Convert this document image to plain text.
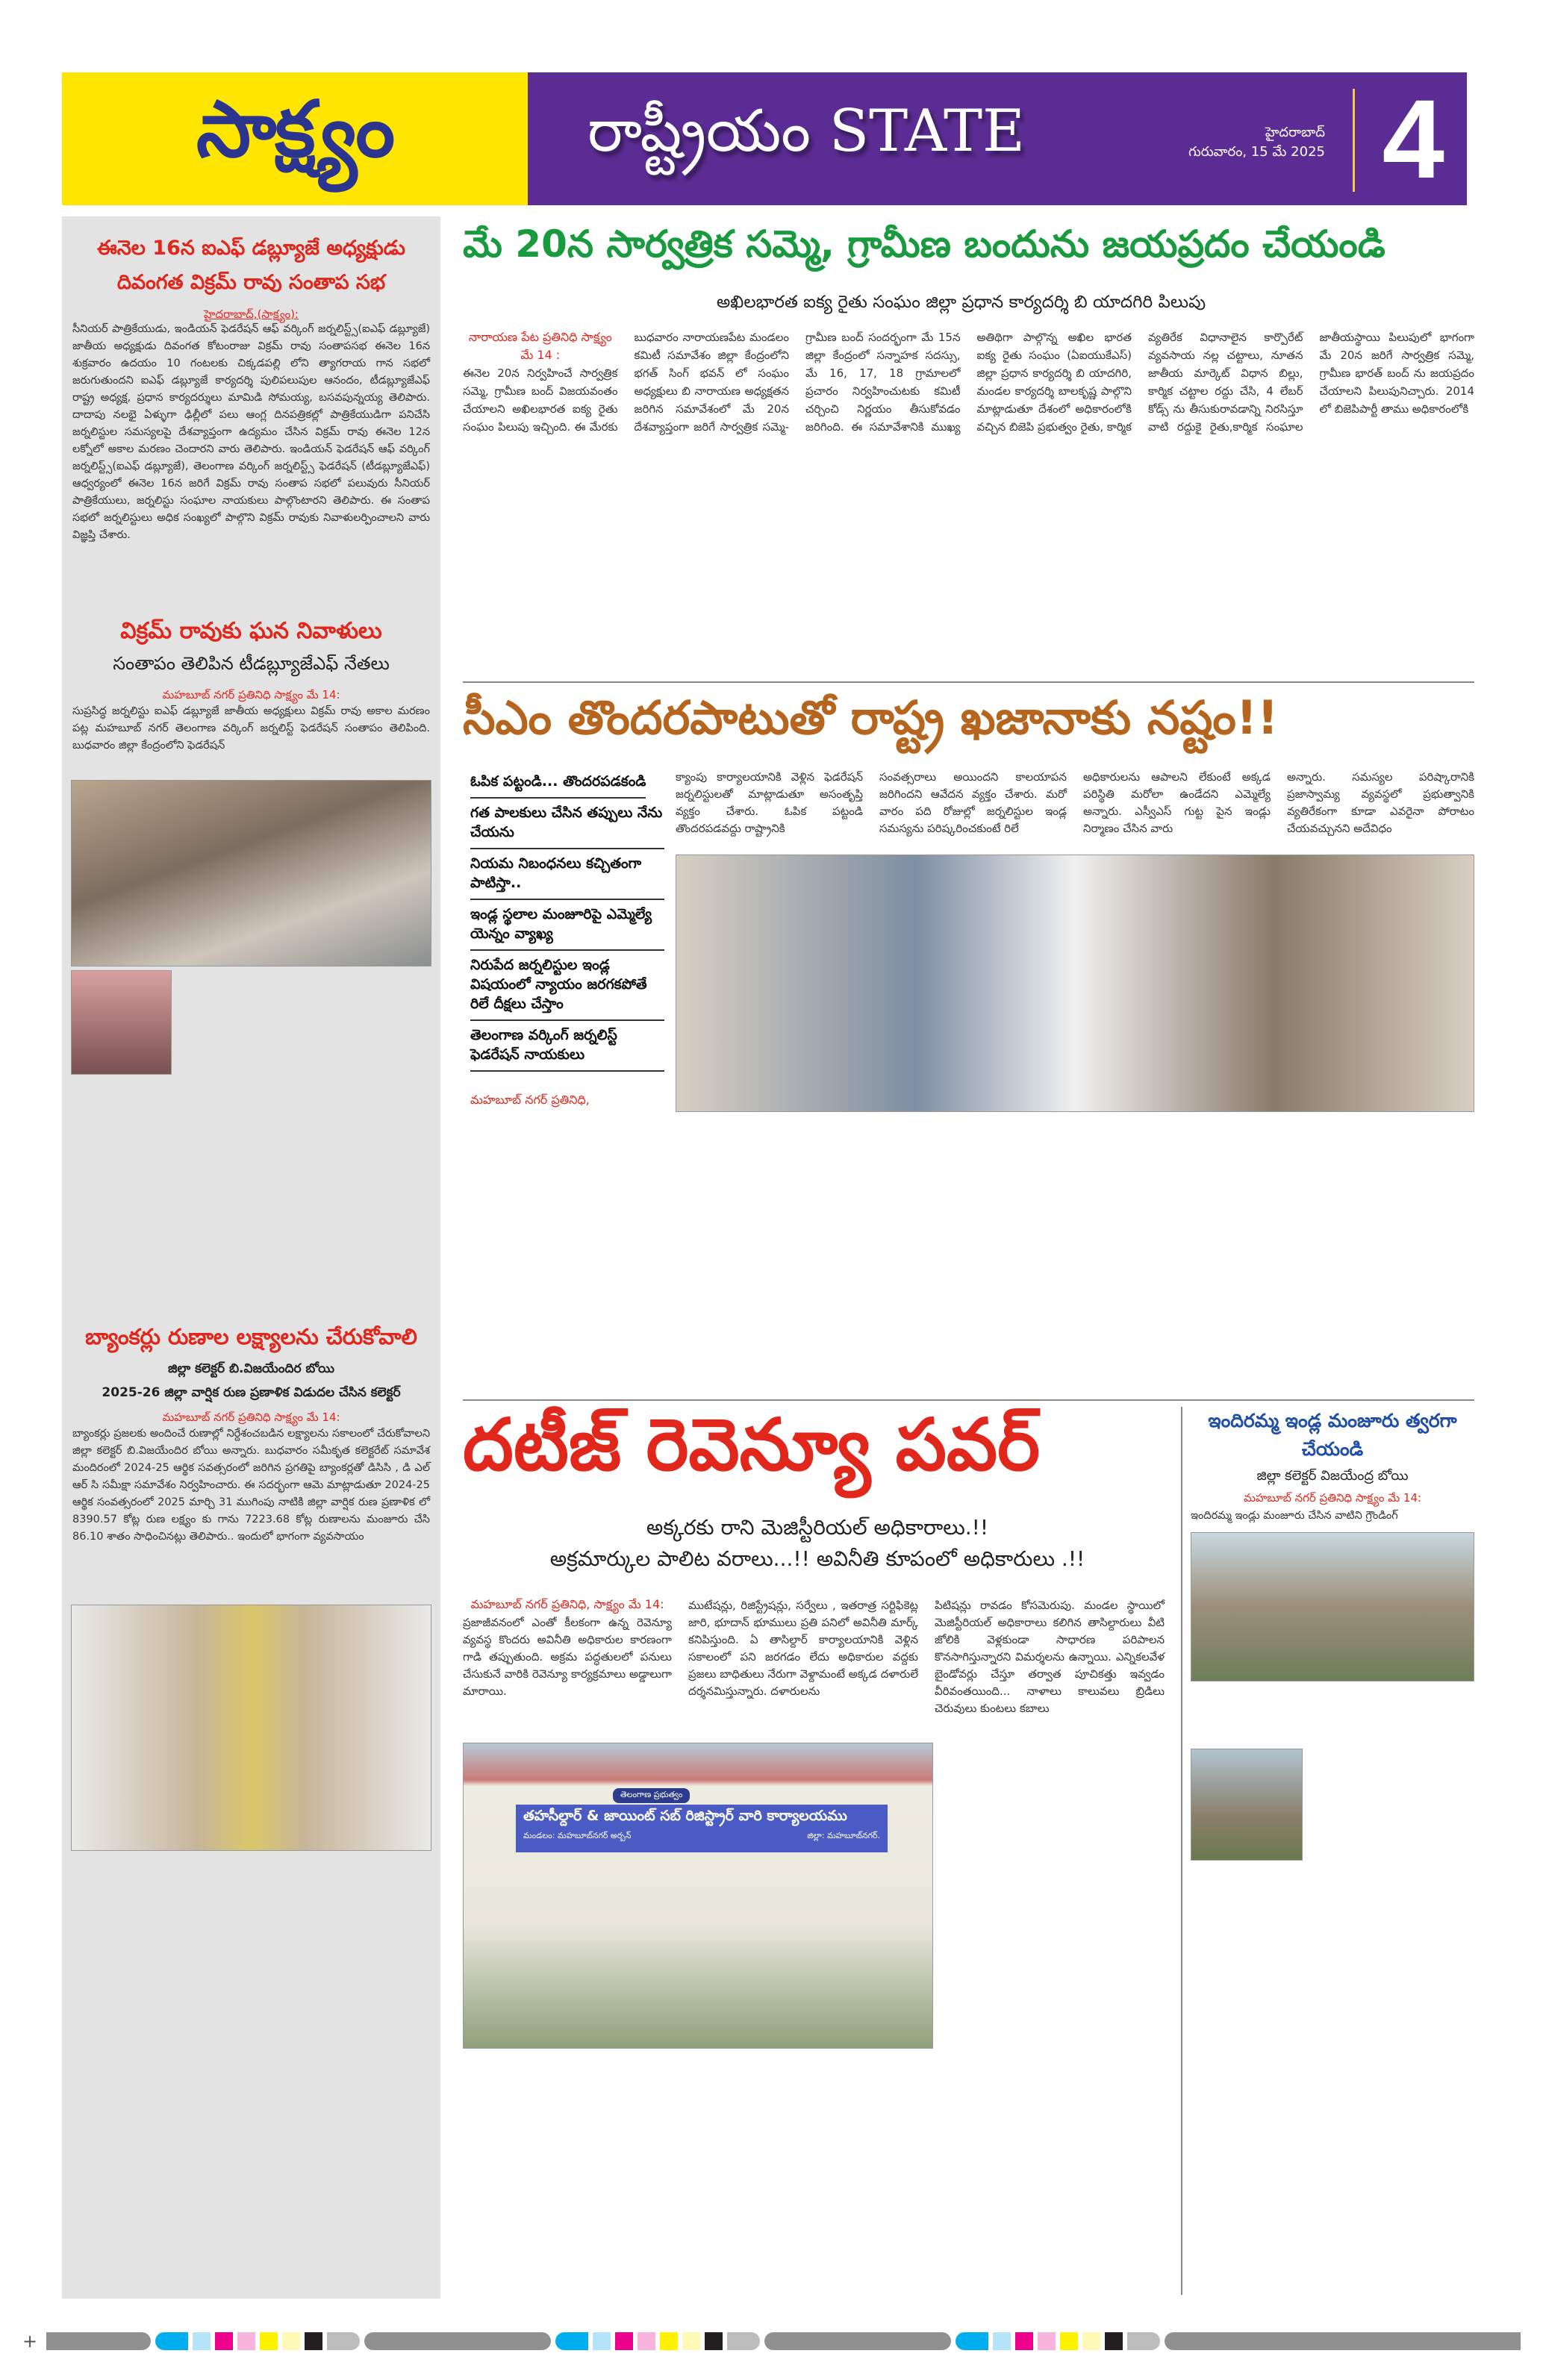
సాక్ష్యం	రాష్ట్రీయం STATE	హైదరాబాద్
గురువారం, 15 మే 2025 4
ఈనెల 16న ఐఎఫ్ డబ్ల్యూజే అధ్యక్షుడు దివంగత విక్రమ్ రావు సంతాప సభ
హైదరాబాద్,(సాక్ష్యం):
సీనియర్ పాత్రికేయుడు, ఇండియన్ ఫెడరేషన్ ఆఫ్ వర్కింగ్ జర్నలిస్ట్స్(ఐఎఫ్ డబ్ల్యూజే) జాతీయ అధ్యక్షుడు దివంగత కోటంరాజు విక్రమ్ రావు సంతాపసభ ఈనెల 16న శుక్రవారం ఉదయం 10 గంటలకు చిక్కడపల్లి లోని త్యాగరాయ గాన సభలో జరుగుతుందని ఐఎఫ్ డబ్ల్యూజే కార్యదర్శి పులిపలుపుల ఆనందం, టీడబ్ల్యూజేఎఫ్ రాష్ట్ర అధ్యక్ష, ప్రధాన కార్యదర్శులు మామిడి సోమయ్య, బసవపున్నయ్య తెలిపారు. దాదాపు నలభై ఏళ్ళుగా ఢిల్లీలో పలు ఆంగ్ల దినపత్రికల్లో పాత్రికేయుడిగా పనిచేసి జర్నలిస్టుల సమస్యలపై దేశవ్యాప్తంగా ఉద్యమం చేసిన విక్రమ్ రావు ఈనెల 12న లక్నోలో అకాల మరణం చెందారని వారు తెలిపారు. ఇండియన్ ఫెడరేషన్ ఆఫ్ వర్కింగ్ జర్నలిస్ట్స్(ఐఎఫ్ డబ్ల్యూజే), తెలంగాణ వర్కింగ్ జర్నలిస్ట్స్ ఫెడరేషన్ (టీడబ్ల్యూజేఎఫ్) ఆధ్వర్యంలో ఈనెల 16న జరిగే విక్రమ్ రావు సంతాప సభలో పలువురు సీనియర్ పాత్రికేయులు, జర్నలిస్టు సంఘాల నాయకులు పాల్గొంటారని తెలిపారు. ఈ సంతాప సభలో జర్నలిస్టులు అధిక సంఖ్యలో పాల్గొని విక్రమ్ రావుకు నివాళులర్పించాలని వారు విజ్ఞప్తి చేశారు.
విక్రమ్ రావుకు ఘన నివాళులు
సంతాపం తెలిపిన టీడబ్ల్యూజేఎఫ్ నేతలు
మహబూబ్ నగర్ ప్రతినిధి సాక్ష్యం మే 14:
సుప్రసిద్ధ జర్నలిస్టు ఐఎఫ్ డబ్ల్యూజే జాతీయ అధ్యక్షులు విక్రమ్ రావు అకాల మరణం పట్ల మహబూబ్ నగర్ తెలంగాణ వర్కింగ్ జర్నలిస్ట్ ఫెడరేషన్ సంతాపం తెలిపింది. బుధవారం జిల్లా కేంద్రంలోని ఫెడరేషన్
బ్యాంకర్లు రుణాల లక్ష్యాలను చేరుకోవాలి
జిల్లా కలెక్టర్ బి.విజయేందిర బోయి
2025-26 జిల్లా వార్షిక రుణ ప్రణాళిక విడుదల చేసిన కలెక్టర్
మహబూబ్ నగర్ ప్రతినిధి సాక్ష్యం మే 14:
బ్యాంకర్లు ప్రజలకు అందించే రుణాల్లో నిర్దేశంచబడిన లక్ష్యాలను సకాలంలో చేరుకోవాలని జిల్లా కలెక్టర్ బి.విజయేందిర బోయి అన్నారు. బుధవారం సమీకృత కలెక్టరేట్ సమావేశ మందిరంలో 2024-25 ఆర్థిక సవత్సరంలో జరిగిన ప్రగతిపై బ్యాంకర్లతో డిసిసి , డి ఎల్ ఆర్ సి సమీక్షా సమావేశం నిర్వహించారు. ఈ సదర్భంగా ఆమె మాట్లాడుతూ 2024-25 ఆర్థిక సంవత్సరంలో 2025 మార్చి 31 ముగింపు నాటికి జిల్లా వార్షిక రుణ ప్రణాళిక లో 8390.57 కోట్ల రుణ లక్ష్యం కు గాను 7223.68 కోట్ల రుణాలను మంజూరు చేసి 86.10 శాతం సాధించినట్లు తెలిపారు.. ఇందులో భాగంగా వ్యవసాయం
మే 20న సార్వత్రిక సమ్మె, గ్రామీణ బందును జయప్రదం చేయండి
అఖిలభారత ఐక్య రైతు సంఘం జిల్లా ప్రధాన కార్యదర్శి బి యాదగిరి పిలుపు
నారాయణ పేట ప్రతినిధి సాక్ష్యం మే 14 :
ఈనెల 20న నిర్వహించే సార్వత్రిక సమ్మె, గ్రామీణ బంద్ విజయవంతం చేయాలని అఖిలభారత ఐక్య రైతు సంఘం పిలుపు ఇచ్చింది. ఈ మేరకు బుధవారం నారాయణపేట మండలం కమిటీ సమావేశం జిల్లా కేంద్రంలోని భగత్ సింగ్ భవన్ లో సంఘం అధ్యక్షులు బి నారాయణ అధ్యక్షతన జరిగిన సమావేశంలో మే 20న దేశవ్యాప్తంగా జరిగే సార్వత్రిక సమ్మె- గ్రామీణ బంద్ సందర్భంగా మే 15న జిల్లా కేంద్రంలో సన్నాహక సదస్సు, మే 16, 17, 18 గ్రామాలలో ప్రచారం నిర్వహించుటకు కమిటీ చర్చించి నిర్ణయం తీసుకోవడం జరిగింది. ఈ సమావేశానికి ముఖ్య అతిథిగా పాల్గొన్న అఖిల భారత ఐక్య రైతు సంఘం (ఏఐయుకేఎస్) జిల్లా ప్రధాన కార్యదర్శి బి యాదగిరి, మండల కార్యదర్శి బాలకృష్ణ పాల్గొని మాట్లాడుతూ దేశంలో అధికారంలోకి వచ్చిన బిజెపి ప్రభుత్వం రైతు, కార్మిక వ్యతిరేక విధానాలైన కార్పొరేట్ వ్యవసాయ నల్ల చట్టాలు, నూతన జాతీయ మార్కెట్ విధాన బిల్లు, కార్మిక చట్టాల రద్దు చేసి, 4 లేబర్ కోడ్స్ ను తీసుకురావడాన్ని నిరసిస్తూ వాటి రద్దుకై రైతు,కార్మిక సంఘాల జాతీయస్థాయి పిలుపులో భాగంగా మే 20న జరిగే సార్వత్రిక సమ్మె, గ్రామీణ భారత్ బంద్ ను జయప్రదం చేయాలని పిలుపునిచ్చారు. 2014 లో బిజెపిపార్టీ తాము అధికారంలోకి
సీఎం తొందరపాటుతో రాష్ట్ర ఖజానాకు నష్టం!!
ఓపిక పట్టండి... తొందరపడకండి
గత పాలకులు చేసిన తప్పులు నేను చేయను
నియమ నిబంధనలు కచ్చితంగా పాటిస్తా..
ఇండ్ల స్థలాల మంజూరిపై ఎమ్మెల్యే యెన్నం వ్యాఖ్య
నిరుపేద జర్నలిస్టుల ఇండ్ల విషయంలో న్యాయం జరగకపోతే రిలే దీక్షలు చేస్తాం
తెలంగాణ వర్కింగ్ జర్నలిస్ట్ ఫెడరేషన్ నాయకులు
మహబూబ్ నగర్ ప్రతినిధి,
క్యాంపు కార్యాలయానికి వెళ్లిన ఫెడరేషన్ జర్నలిస్టులతో మాట్లాడుతూ అసంతృప్తి వ్యక్తం చేశారు. ఓపిక పట్టండి తొందరపడవద్దు రాష్ట్రానికి
సంవత్సరాలు అయిందని కాలయాపన జరిగిందని ఆవేదన వ్యక్తం చేశారు. మరో వారం పది రోజుల్లో జర్నలిస్టుల ఇండ్ల సమస్యను పరిష్కరించకుంటే రిలే
అధికారులను ఆపాలని లేకుంటే అక్కడ పరిస్థితి మరోలా ఉండేదని ఎమ్మెల్యే అన్నారు. ఎస్వీఎస్ గుట్ట పైన ఇండ్లు నిర్మాణం చేసిన వారు
అన్నారు. సమస్యల పరిష్కారానికి ప్రజాస్వామ్య వ్యవస్థలో ప్రభుత్వానికి వ్యతిరేకంగా కూడా ఎవరైనా పోరాటం చేయవచ్చునని అదేవిధం
దటీజ్ రెవెన్యూ పవర్
అక్కరకు రాని మెజిస్టీరియల్ అధికారాలు.!!
అక్రమార్కుల పాలిట వరాలు...!! అవినీతి కూపంలో అధికారులు .!!
మహబూబ్ నగర్ ప్రతినిధి, సాక్ష్యం మే 14:
ప్రజాజీవనంలో ఎంతో కీలకంగా ఉన్న రెవెన్యూ వ్యవస్థ కొందరు అవినీతి అధికారుల కారణంగా గాడి తప్పుతుంది. అక్రమ పద్ధతులలో పనులు చేసుకునే వారికి రెవెన్యూ కార్యక్రమాలు అడ్డాలుగా మారాయి.
ముటేషన్లు, రిజిస్ట్రేషన్లు, సర్వేలు , ఇతరాత్ర సర్టిఫికెట్ల జారి, భూదాన్ భూములు ప్రతి పనిలో అవినీతి మార్క్ కనిపిస్తుంది. ఏ తాసిల్దార్ కార్యాలయానికి వెళ్లిన సకాలంలో పని జరగడం లేదు అధికారుల వద్దకు ప్రజలు బాధితులు నేరుగా వెళ్దామంటే అక్కడ దళారులే దర్శనమిస్తున్నారు. దళారులను
పిటిషన్లు రావడం కోసమెరుపు. మండల స్థాయిలో మెజిస్టీరియల్ అధికారాలు కలిగిన తాసిల్దారులు వీటి జోలికి వెళ్లకుండా సాధారణ పరిపాలన కొనసాగిస్తున్నారని విమర్శలను ఉన్నాయి. ఎన్నికలవేళ బైండోవర్లు చేస్తూ తర్వాత పూచికత్తు ఇవ్వడం వీరివంతయింది... నాళాలు కాలువలు బ్రిడిలు చెరువులు కుంటలు కబాలు
తెలంగాణ ప్రభుత్వం
తహసీల్దార్ & జాయింట్ సబ్ రిజిస్ట్రార్ వారి కార్యాలయము
మండలం: మహబూబ్‌నగర్ అర్బన్	జిల్లా: మహబూబ్‌నగర్.
ఇందిరమ్మ ఇండ్ల మంజూరు త్వరగా చేయండి
జిల్లా కలెక్టర్ విజయేంద్ర బోయి
మహబూబ్ నగర్ ప్రతినిధి సాక్ష్యం మే 14:
ఇందిరమ్మ ఇండ్లు మంజూరు చేసిన వాటిని గ్రౌండింగ్
+
